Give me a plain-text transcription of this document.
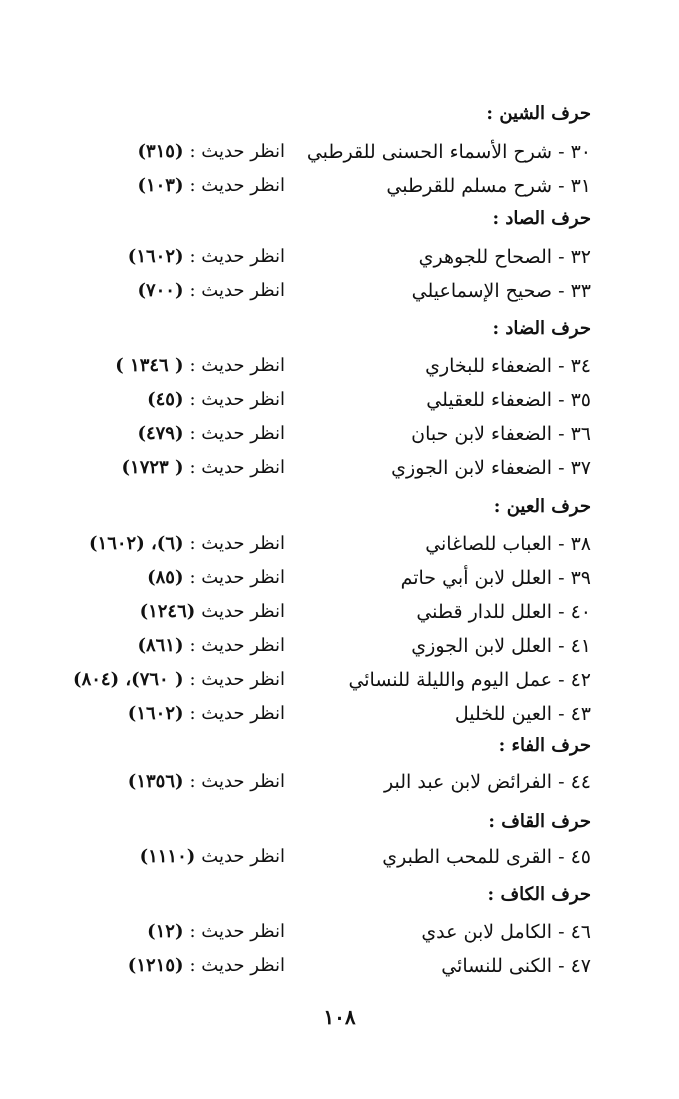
حرف الشين :
٣٠ - شرح الأسماء الحسنى للقرطبي
انظر حديث :(٣١٥)
٣١ - شرح مسلم للقرطبي
انظر حديث :(١٠٣)
حرف الصاد :
٣٢ - الصحاح للجوهري
انظر حديث :(١٦٠٢)
٣٣ - صحيح الإسماعيلي
انظر حديث :(٧٠٠)
حرف الضاد :
٣٤ - الضعفاء للبخاري
انظر حديث :( ١٣٤٦ )
٣٥ - الضعفاء للعقيلي
انظر حديث :(٤٥)
٣٦ - الضعفاء لابن حبان
انظر حديث :(٤٧٩)
٣٧ - الضعفاء لابن الجوزي
انظر حديث :( ١٧٢٣)
حرف العين :
٣٨ - العباب للصاغاني
انظر حديث :(٦)، (١٦٠٢)
٣٩ - العلل لابن أبي حاتم
انظر حديث :(٨٥)
٤٠ - العلل للدار قطني
انظر حديث(١٢٤٦)
٤١ - العلل لابن الجوزي
انظر حديث :(٨٦١)
٤٢ - عمل اليوم والليلة للنسائي
انظر حديث :( ٧٦٠)، (٨٠٤)
٤٣ - العين للخليل
انظر حديث :(١٦٠٢)
حرف الفاء :
٤٤ - الفرائض لابن عبد البر
انظر حديث :(١٣٥٦)
حرف القاف :
٤٥ - القرى للمحب الطبري
انظر حديث(١١١٠)
حرف الكاف :
٤٦ - الكامل لابن عدي
انظر حديث :(١٢)
٤٧ - الكنى للنسائي
انظر حديث :(١٢١٥)
١٠٨
